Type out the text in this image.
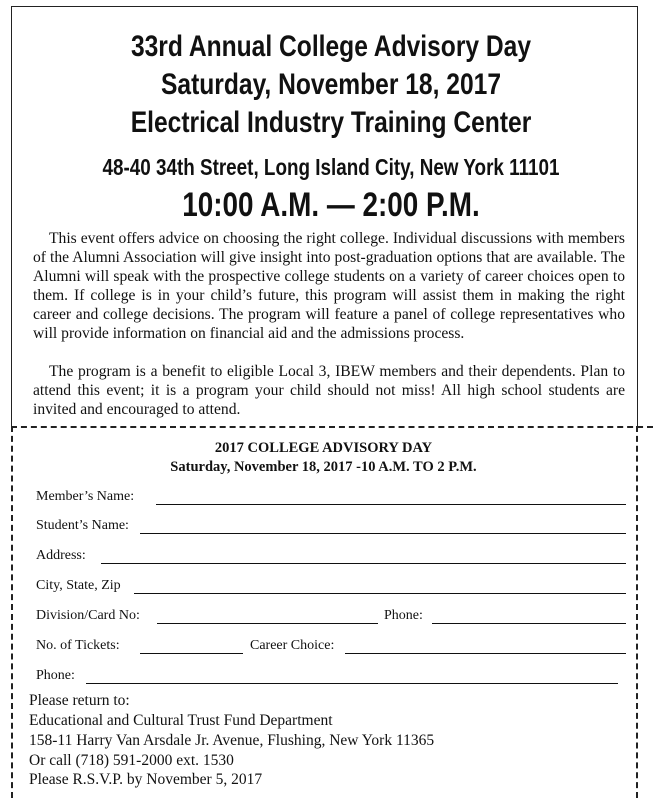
33rd Annual College Advisory Day
Saturday, November 18, 2017
Electrical Industry Training Center
48-40 34th Street, Long Island City, New York 11101
10:00 A.M. — 2:00 P.M.

This event offers advice on choosing the right college. Individual discussions with members of the Alumni Association will give insight into post-graduation options that are available. The Alumni will speak with the prospective college students on a variety of career choices open to them. If college is in your child’s future, this program will assist them in making the right career and college decisions. The program will feature a panel of college representatives who will provide information on financial aid and the admissions process.

The program is a benefit to eligible Local 3, IBEW members and their dependents. Plan to attend this event; it is a program your child should not miss! All high school students are invited and encouraged to attend.

2017 COLLEGE ADVISORY DAY
Saturday, November 18, 2017 -10 A.M. TO 2 P.M.
Member’s Name:
Student’s Name:
Address:
City, State, Zip
Division/Card No:	Phone:
No. of Tickets:	Career Choice:
Phone:
Please return to:
Educational and Cultural Trust Fund Department
158-11 Harry Van Arsdale Jr. Avenue, Flushing, New York 11365
Or call (718) 591-2000 ext. 1530
Please R.S.V.P. by November 5, 2017
